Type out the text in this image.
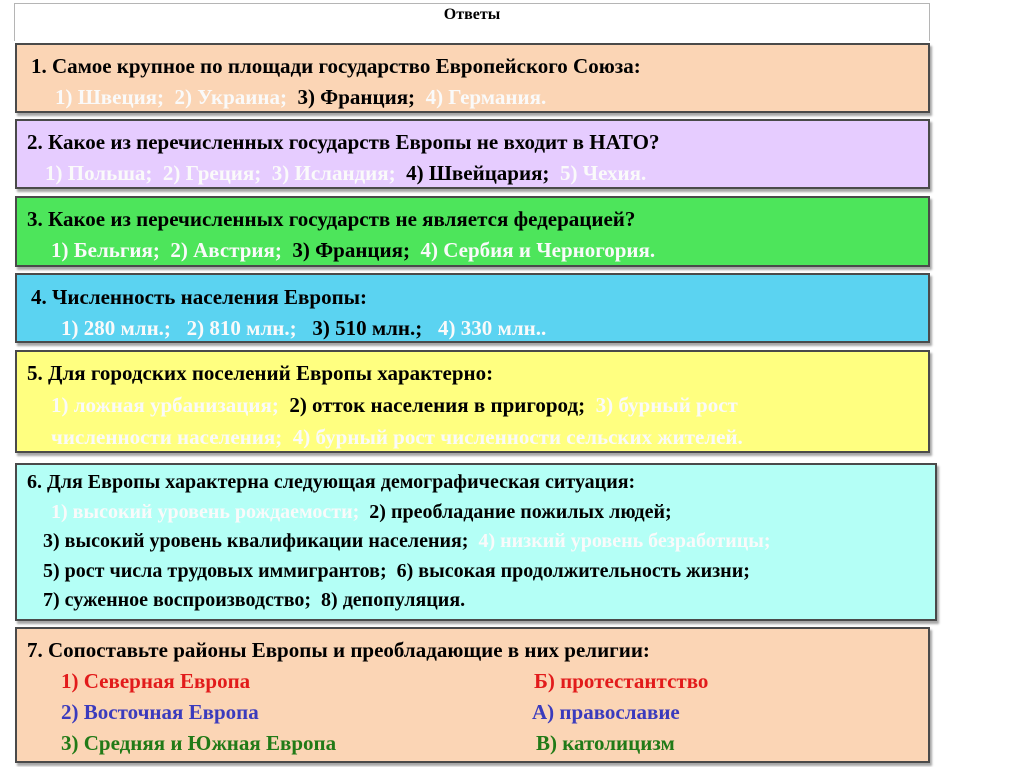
Ответы
1. Самое крупное по площади государство Европейского Союза:
1) Швеция; 2) Украина; 3) Франция; 4) Германия.
2. Какое из перечисленных государств Европы не входит в НАТО?
1) Польша; 2) Греция; 3) Исландия; 4) Швейцария; 5) Чехия.
3. Какое из перечисленных государств не является федерацией?
1) Бельгия; 2) Австрия; 3) Франция; 4) Сербия и Черногория.
4. Численность населения Европы:
1) 280 млн.; 2) 810 млн.; 3) 510 млн.; 4) 330 млн..
5. Для городских поселений Европы характерно:
1) ложная урбанизация; 2) отток населения в пригород; 3) бурный рост
численности населения; 4) бурный рост численности сельских жителей.
6. Для Европы характерна следующая демографическая ситуация:
1) высокий уровень рождаемости; 2) преобладание пожилых людей;
3) высокий уровень квалификации населения; 4) низкий уровень безработицы;
5) рост числа трудовых иммигрантов; 6) высокая продолжительность жизни;
7) суженное воспроизводство; 8) депопуляция.
7. Сопоставьте районы Европы и преобладающие в них религии:
1) Северная Европа	Б) протестантство
2) Восточная Европа	А) православие
3) Средняя и Южная Европа	В) католицизм
